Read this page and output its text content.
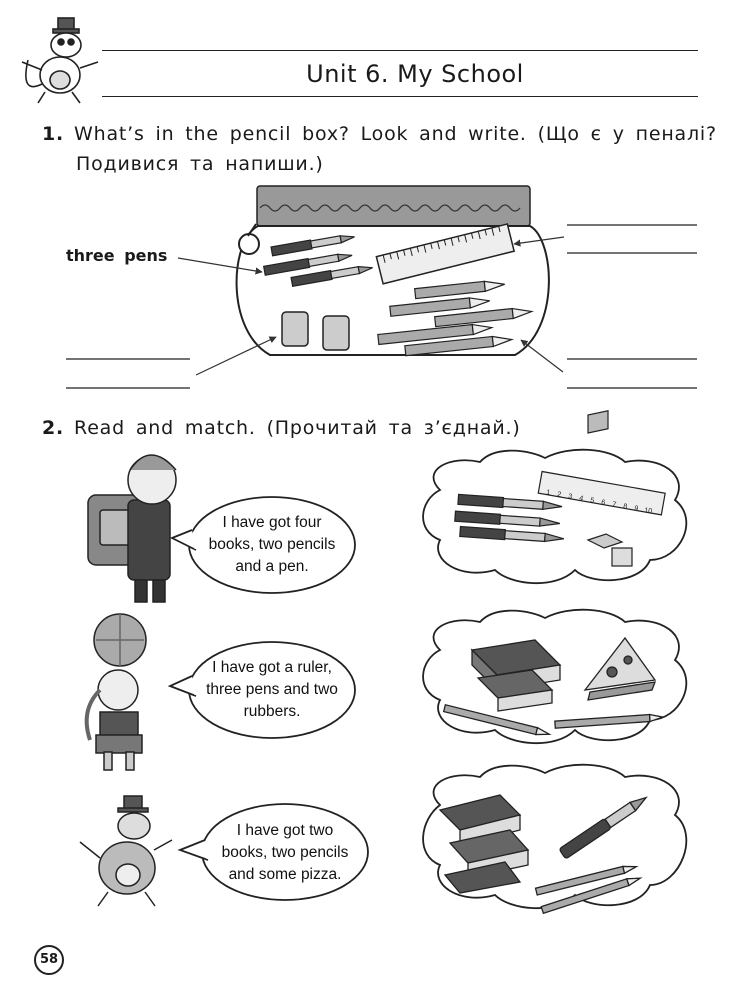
Unit 6. My School
1. What’s in the pencil box? Look and write. (Що є у пеналі?
Подивися та напиши.)
three pens
2. Read and match. (Прочитай та з’єднай.)
1 2 3 4 5 6 7 8 9 10
I have got four
books, two pencils
and a pen.
I have got a ruler,
three pens and two
rubbers.
I have got two
books, two pencils
and some pizza.
58
